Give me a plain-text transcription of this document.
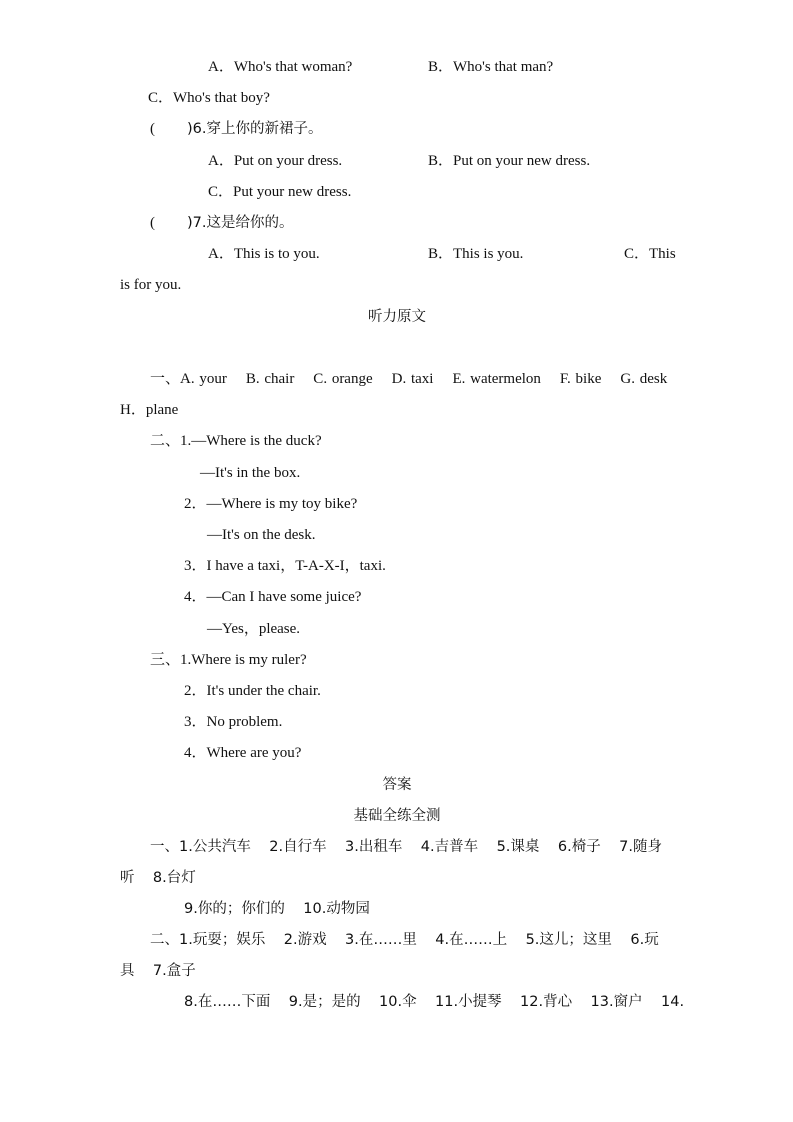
A．Who's that woman?	B．Who's that man?
C．Who's that boy?
( )6.穿上你的新裙子。
A．Put on your dress.	B．Put on your new dress.
C．Put your new dress.
( )7.这是给你的。
A．This is to you.	B．This is you.	C．This
is for you.
听力原文
一、A. your    B. chair    C. orange    D. taxi    E. watermelon    F. bike    G. desk
H．plane
二、1.—Where is the duck?
—It's in the box.
2．—Where is my toy bike?
—It's on the desk.
3．I have a taxi，T-A-X-I，taxi.
4．—Can I have some juice?
—Yes，please.
三、1.Where is my ruler?
2．It's under the chair.
3．No problem.
4．Where are you?
答案
基础全练全测
一、1.公共汽车    2.自行车    3.出租车    4.吉普车    5.课桌    6.椅子    7.随身
听    8.台灯
9.你的；你们的    10.动物园
二、1.玩耍；娱乐    2.游戏    3.在……里    4.在……上    5.这儿；这里    6.玩
具    7.盒子
8.在……下面    9.是；是的    10.伞    11.小提琴    12.背心    13.窗户    14.
